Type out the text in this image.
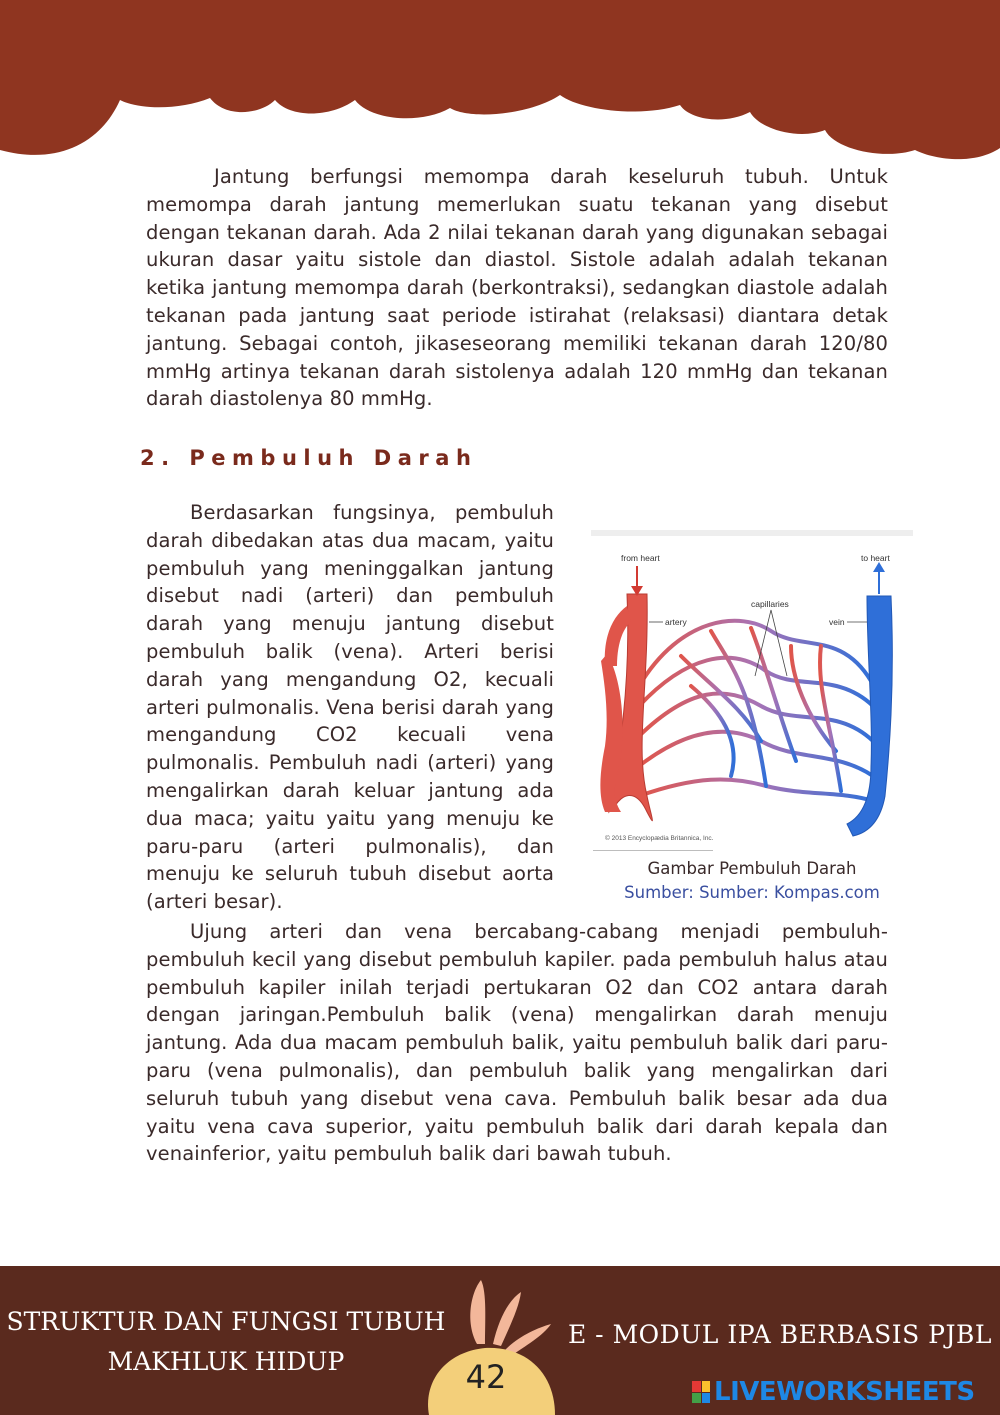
Jantung berfungsi memompa darah keseluruh tubuh. Untuk memompa darah jantung memerlukan suatu tekanan yang disebut dengan tekanan darah. Ada 2 nilai tekanan darah yang digunakan sebagai ukuran dasar yaitu sistole dan diastol. Sistole adalah adalah tekanan ketika jantung memompa darah (berkontraksi), sedangkan diastole adalah tekanan pada jantung saat periode istirahat (relaksasi) diantara detak jantung. Sebagai contoh, jikaseseorang memiliki tekanan darah 120/80 mmHg artinya tekanan darah sistolenya adalah 120 mmHg dan tekanan darah diastolenya 80 mmHg.

2. Pembuluh Darah

Berdasarkan fungsinya, pembuluh darah dibedakan atas dua macam, yaitu pembuluh yang meninggalkan jantung disebut nadi (arteri) dan pembuluh darah yang menuju jantung disebut pembuluh balik (vena). Arteri berisi darah yang mengandung O2, kecuali arteri pulmonalis. Vena berisi darah yang mengandung CO2 kecuali vena pulmonalis. Pembuluh nadi (arteri) yang mengalirkan darah keluar jantung ada dua maca; yaitu yaitu yang menuju ke paru-paru (arteri pulmonalis), dan menuju ke seluruh tubuh disebut aorta (arteri besar).

from heart	to heart
capillaries
artery	vein
© 2013 Encyclopædia Britannica, Inc.
Gambar Pembuluh Darah
Sumber: Sumber: Kompas.com

Ujung arteri dan vena bercabang-cabang menjadi pembuluh-pembuluh kecil yang disebut pembuluh kapiler. pada pembuluh halus atau pembuluh kapiler inilah terjadi pertukaran O2 dan CO2 antara darah dengan jaringan.Pembuluh balik (vena) mengalirkan darah menuju jantung. Ada dua macam pembuluh balik, yaitu pembuluh balik dari paru-paru (vena pulmonalis), dan pembuluh balik yang mengalirkan dari seluruh tubuh yang disebut vena cava. Pembuluh balik besar ada dua yaitu vena cava superior, yaitu pembuluh balik dari darah kepala dan venainferior, yaitu pembuluh balik dari bawah tubuh.

STRUKTUR DAN FUNGSI TUBUH
MAKHLUK HIDUP
E - MODUL IPA BERBASIS PJBL
42	LIVEWORKSHEETS
